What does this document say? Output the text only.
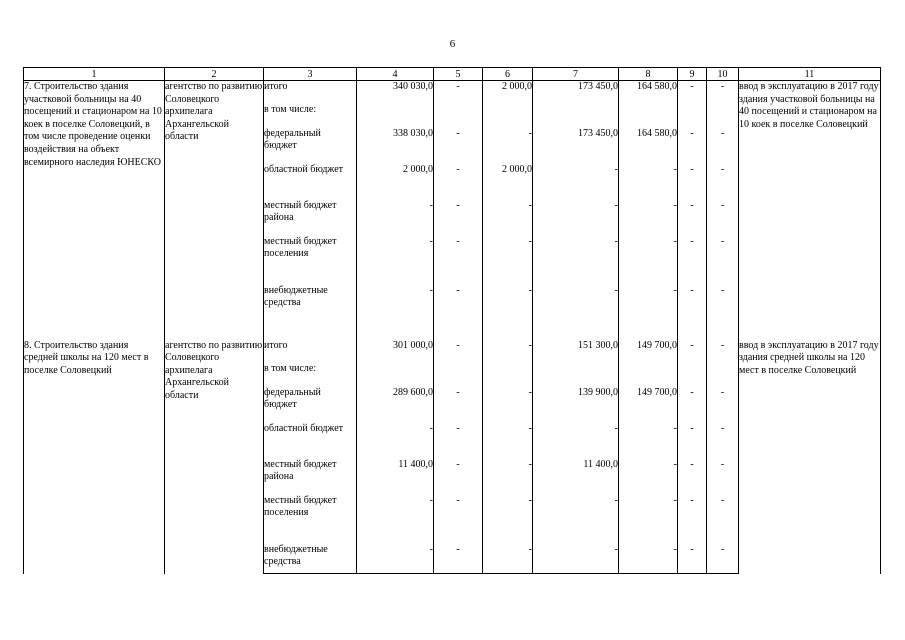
6
1	2	3	4	5	6	7	8	9	10	11
7. Строительство здания участковой больницы на 40 посещений и стационаром на 10 коек в поселке Соловецкий, в том числе проведение оценки воздействия на объект всемирного наследия ЮНЕСКО	агентство по развитию Соловецкого архипелага Архангельской области	итого	340 030,0	-	2 000,0	173 450,0	164 580,0	-	-	ввод в эксплуатацию в 2017 году здания участковой больницы на 40 посещений и стационаром на 10 коек в поселке Соловецкий
		в том числе:								
		федеральный бюджет	338 030,0	-	-	173 450,0	164 580,0	-	-	
		областной бюджет	2 000,0	-	2 000,0	-	-	-	-	
		местный бюджет района	-	-	-	-	-	-	-	
		местный бюджет поселения	-	-	-	-	-	-	-	
		внебюджетные средства	-	-	-	-	-	-	-	
8. Строительство здания средней школы на 120 мест в поселке Соловецкий	агентство по развитию Соловецкого архипелага Архангельской области	итого	301 000,0	-	-	151 300,0	149 700,0	-	-	ввод в эксплуатацию в 2017 году здания средней школы на 120 мест в поселке Соловецкий
		в том числе:								
		федеральный бюджет	289 600,0	-	-	139 900,0	149 700,0	-	-	
		областной бюджет	-	-	-	-	-	-	-	
		местный бюджет района	11 400,0	-	-	11 400,0	-	-	-	
		местный бюджет поселения	-	-	-	-	-	-	-	
		внебюджетные средства	-	-	-	-	-	-	-	
